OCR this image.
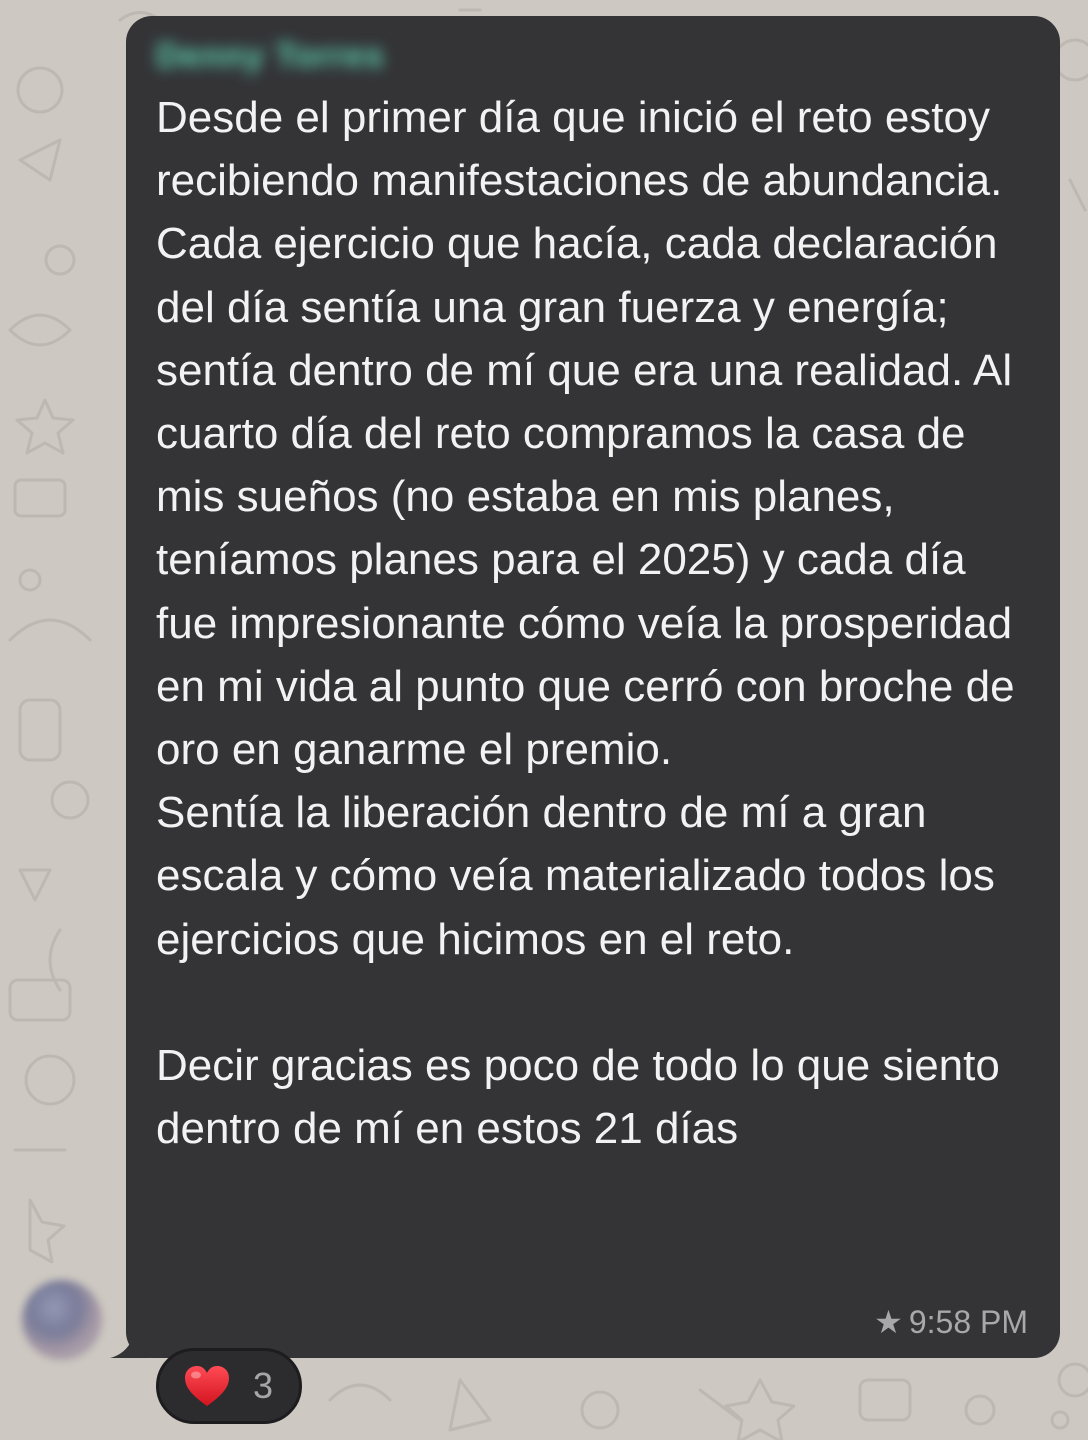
Denny Torres
Desde el primer día que inició el reto estoy recibiendo manifestaciones de abundancia. Cada ejercicio que hacía, cada declaración del día sentía una gran fuerza y energía; sentía dentro de mí que era una realidad. Al cuarto día del reto compramos la casa de mis sueños (no estaba en mis planes, teníamos planes para el 2025) y cada día fue impresionante cómo veía la prosperidad en mi vida al punto que cerró con broche de oro en ganarme el premio.
Sentía la liberación dentro de mí a gran escala y cómo veía materializado todos los ejercicios que hicimos en el reto.

Decir gracias es poco de todo lo que siento dentro de mí en estos 21 días
★ 9:58 PM
3
